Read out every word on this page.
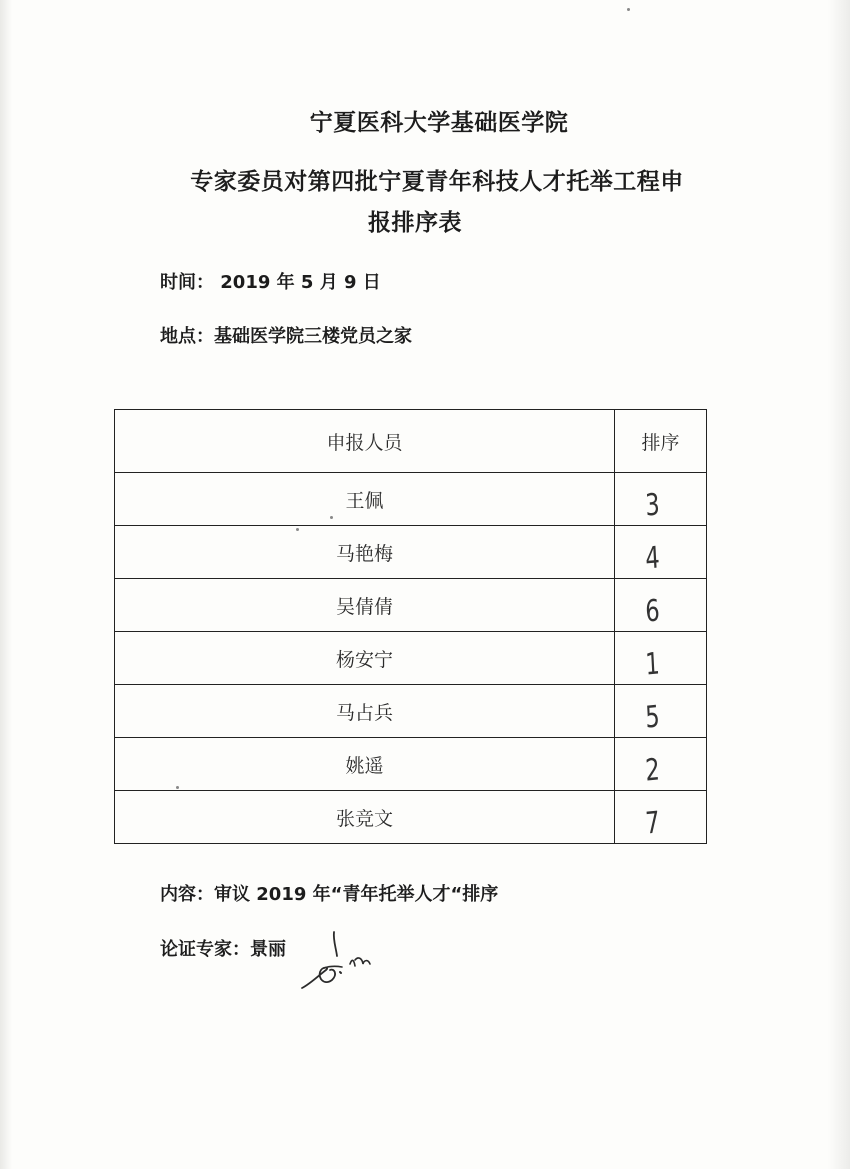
宁夏医科大学基础医学院
专家委员对第四批宁夏青年科技人才托举工程申
报排序表
时间： 2019 年 5 月 9 日
地点：基础医学院三楼党员之家
申报人员	排序
王佩	3
马艳梅	4
吴倩倩	6
杨安宁	1
马占兵	5
姚遥	2
张竞文	7
内容：审议 2019 年“青年托举人才“排序
论证专家：景丽
